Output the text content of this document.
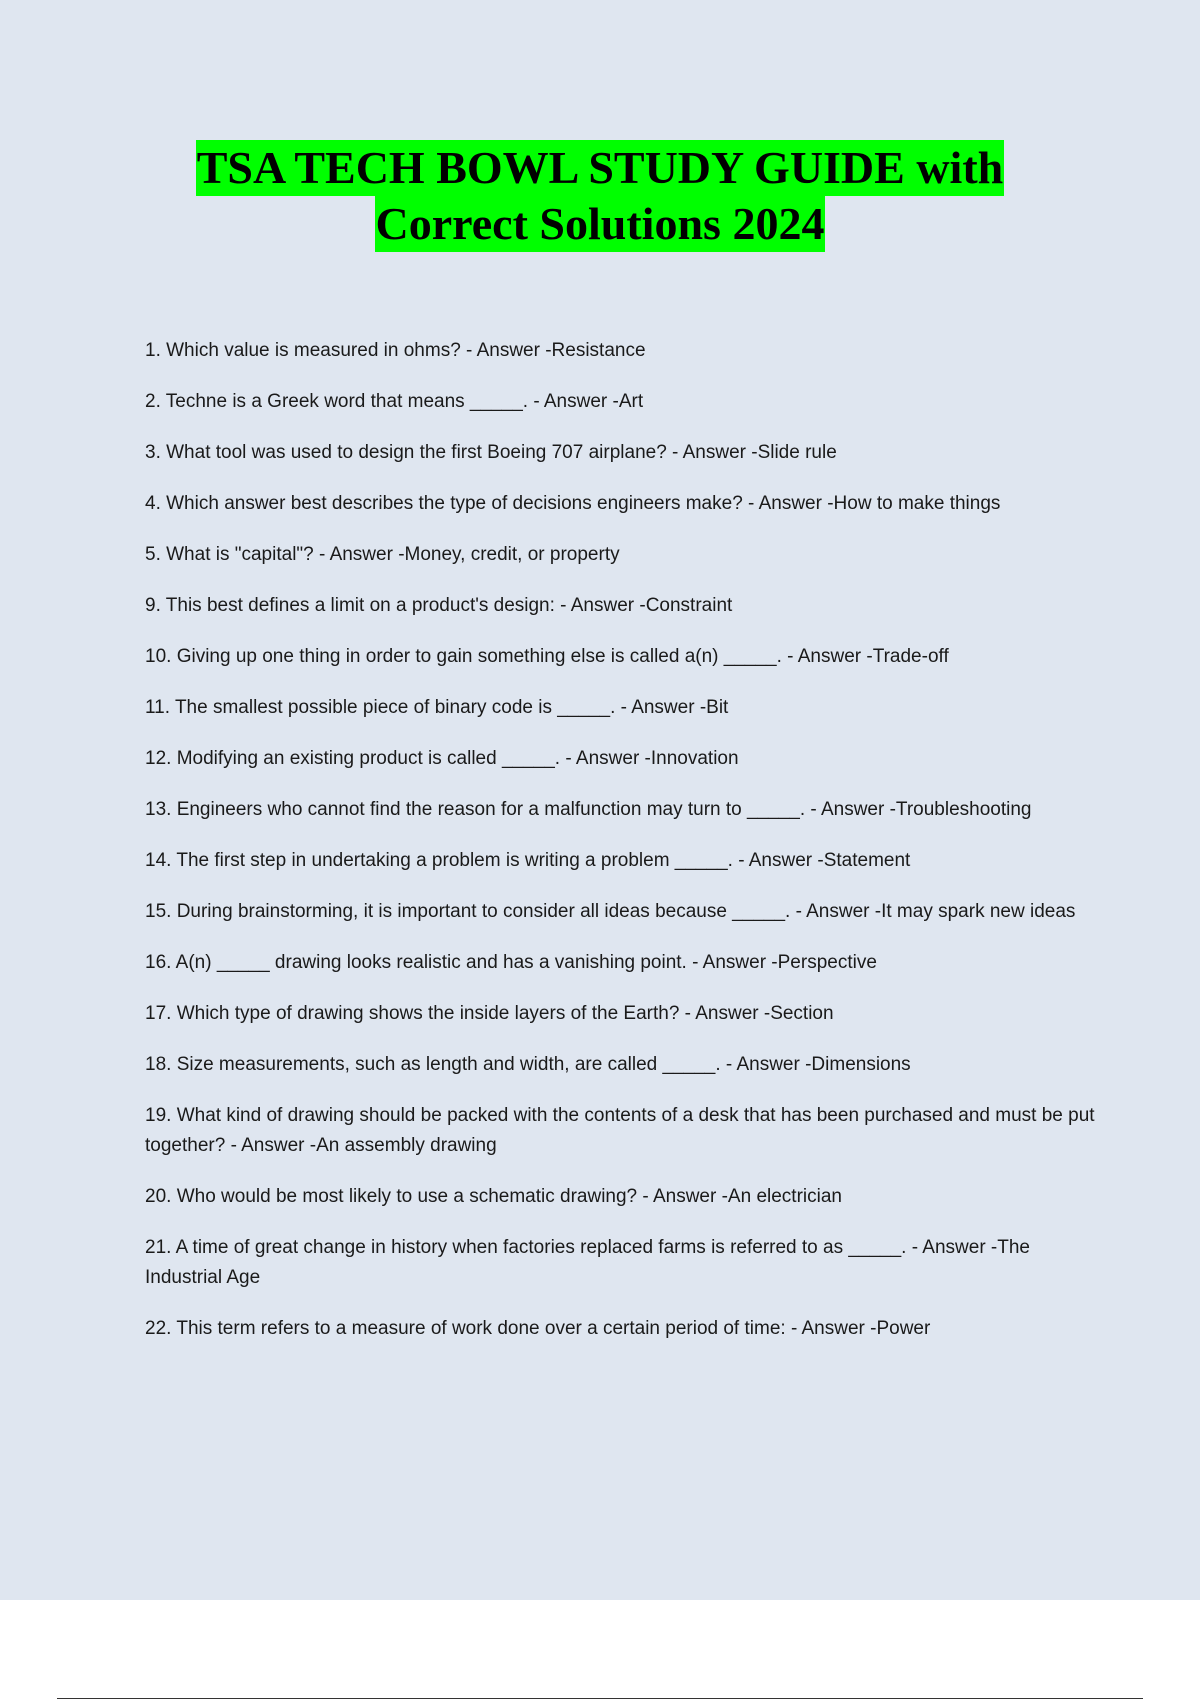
TSA TECH BOWL STUDY GUIDE with
Correct Solutions 2024
1. Which value is measured in ohms? - Answer -Resistance
2. Techne is a Greek word that means _____. - Answer -Art
3. What tool was used to design the first Boeing 707 airplane? - Answer -Slide rule
4. Which answer best describes the type of decisions engineers make? - Answer -How to make things
5. What is "capital"? - Answer -Money, credit, or property
9. This best defines a limit on a product's design: - Answer -Constraint
10. Giving up one thing in order to gain something else is called a(n) _____. - Answer -Trade-off
11. The smallest possible piece of binary code is _____. - Answer -Bit
12. Modifying an existing product is called _____. - Answer -Innovation
13. Engineers who cannot find the reason for a malfunction may turn to _____. - Answer -Troubleshooting
14. The first step in undertaking a problem is writing a problem _____. - Answer -Statement
15. During brainstorming, it is important to consider all ideas because _____. - Answer -It may spark new ideas
16. A(n) _____ drawing looks realistic and has a vanishing point. - Answer -Perspective
17. Which type of drawing shows the inside layers of the Earth? - Answer -Section
18. Size measurements, such as length and width, are called _____. - Answer -Dimensions
19. What kind of drawing should be packed with the contents of a desk that has been purchased and must be put together? - Answer -An assembly drawing
20. Who would be most likely to use a schematic drawing? - Answer -An electrician
21. A time of great change in history when factories replaced farms is referred to as _____. - Answer -The Industrial Age
22. This term refers to a measure of work done over a certain period of time: - Answer -Power
